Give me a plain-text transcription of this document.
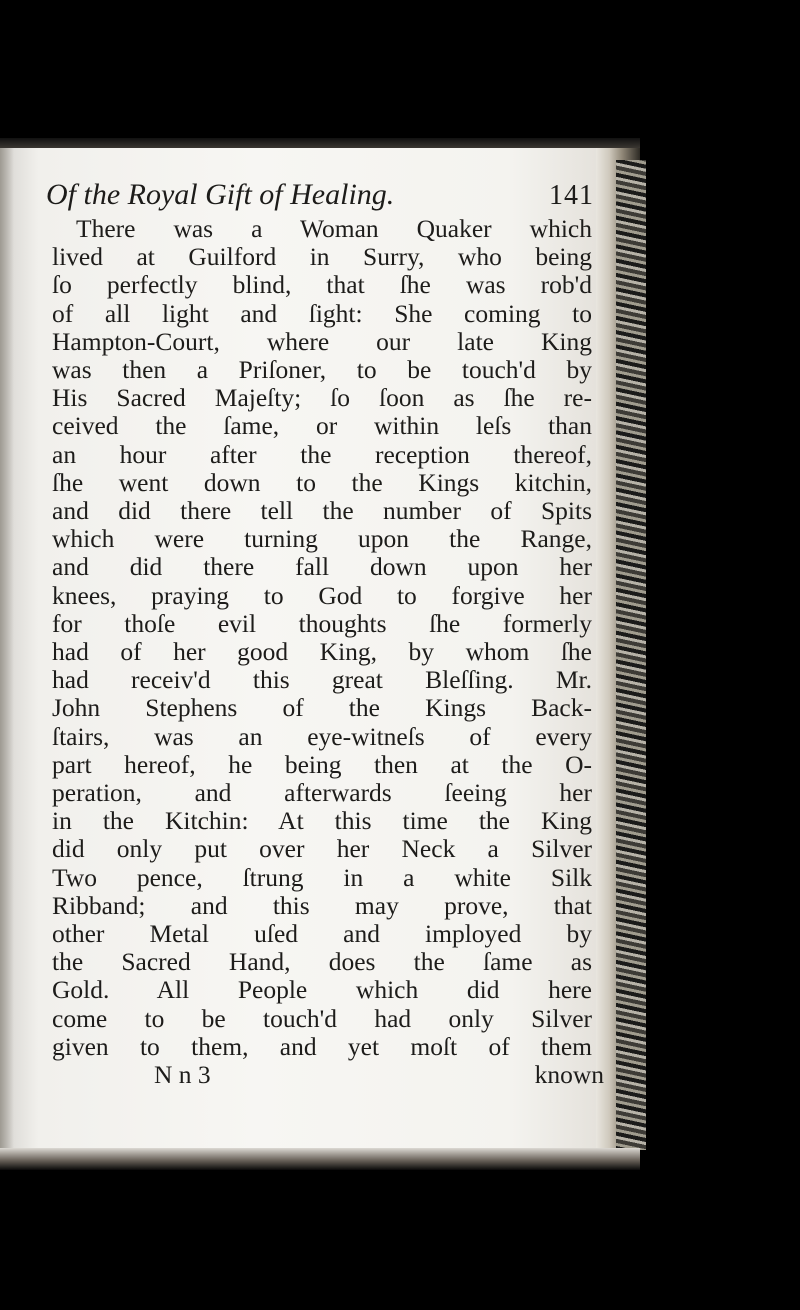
Of the Royal Gift of Healing.	141
There was a Woman Quaker which
lived at Guilford in Surry, who being
ſo perfectly blind, that ſhe was rob'd
of all light and ſight: She coming to
Hampton-Court, where our late King
was then a Priſoner, to be touch'd by
His Sacred Majeſty; ſo ſoon as ſhe re-
ceived the ſame, or within leſs than
an hour after the reception thereof,
ſhe went down to the Kings kitchin,
and did there tell the number of Spits
which were turning upon the Range,
and did there fall down upon her
knees, praying to God to forgive her
for thoſe evil thoughts ſhe formerly
had of her good King, by whom ſhe
had receiv'd this great Bleſſing. Mr.
John Stephens of the Kings Back-
ſtairs, was an eye-witneſs of every
part hereof, he being then at the O-
peration, and afterwards ſeeing her
in the Kitchin: At this time the King
did only put over her Neck a Silver
Two pence, ſtrung in a white Silk
Ribband; and this may prove, that
other Metal uſed and imployed by
the Sacred Hand, does the ſame as
Gold. All People which did here
come to be touch'd had only Silver
given to them, and yet moſt of them
N n 3	known
